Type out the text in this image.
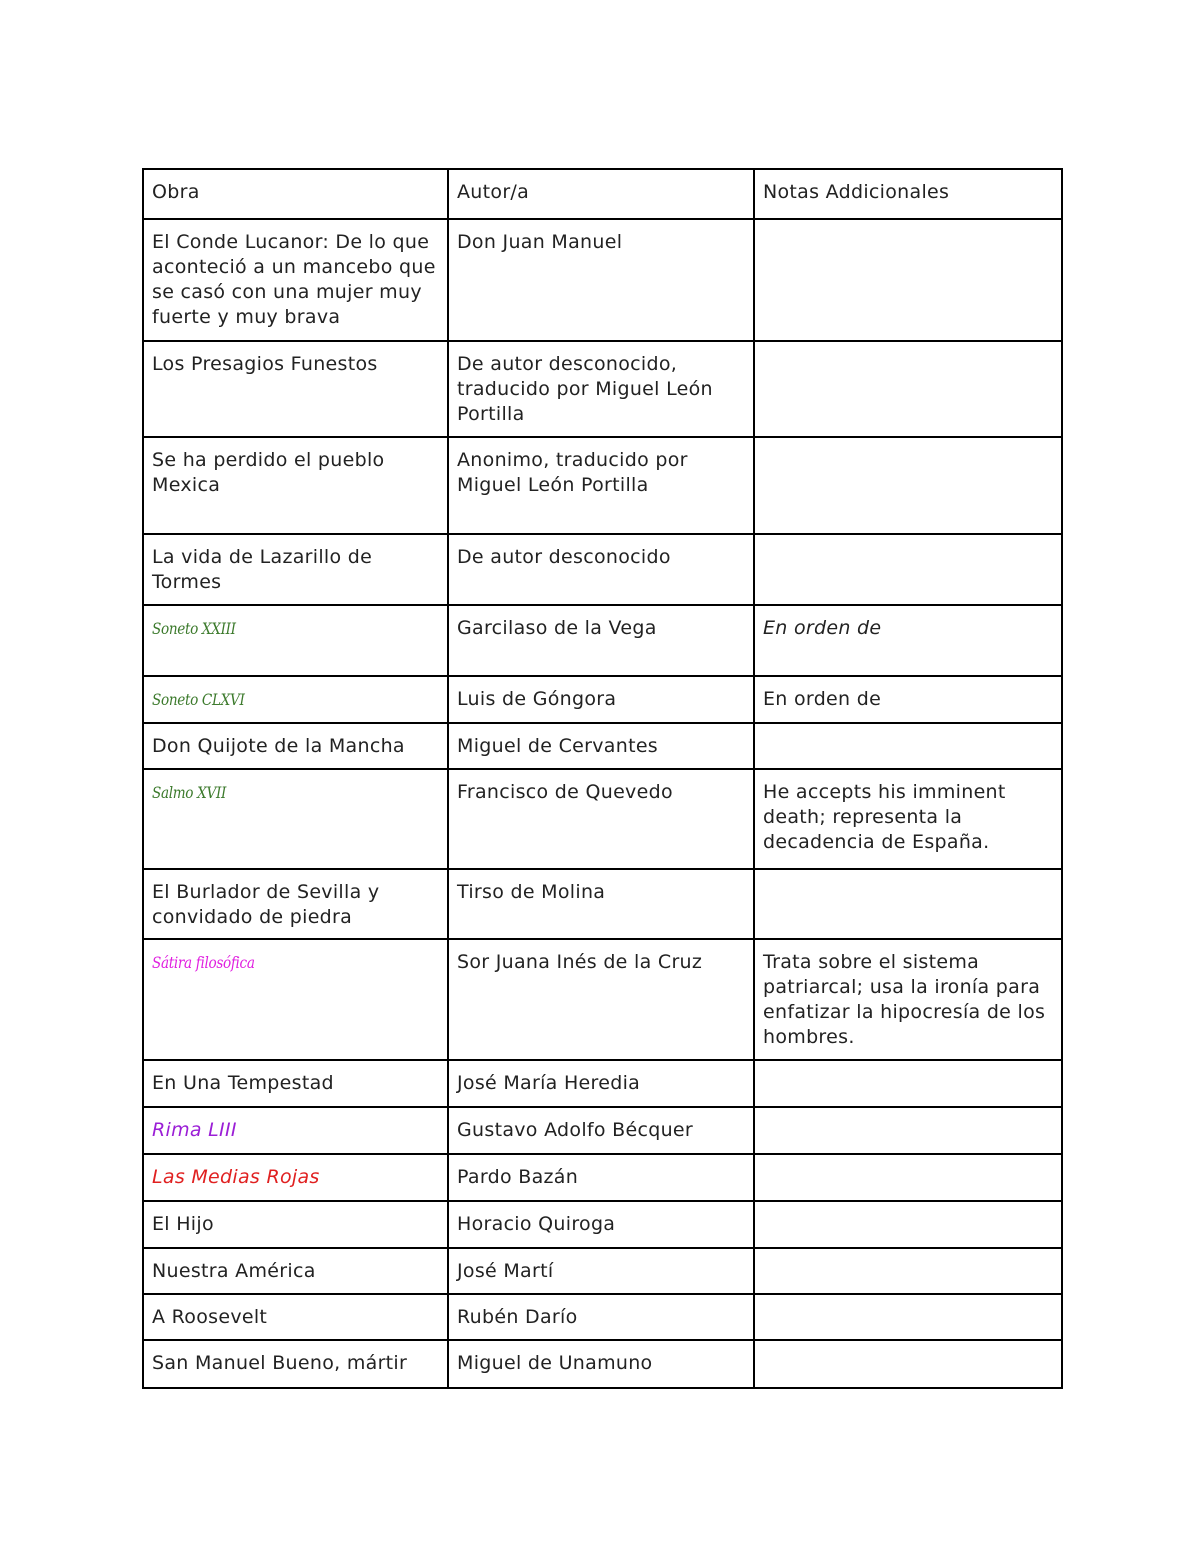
Obra	Autor/a	Notas Addicionales
El Conde Lucanor: De lo que aconteció a un mancebo que se casó con una mujer muy fuerte y muy brava	Don Juan Manuel	
Los Presagios Funestos	De autor desconocido, traducido por Miguel León Portilla	
Se ha perdido el pueblo Mexica	Anonimo, traducido por Miguel León Portilla	
La vida de Lazarillo de Tormes	De autor desconocido	
Soneto XXIII	Garcilaso de la Vega	En orden de
Soneto CLXVI	Luis de Góngora	En orden de
Don Quijote de la Mancha	Miguel de Cervantes	
Salmo XVII	Francisco de Quevedo	He accepts his imminent death; representa la decadencia de España.
El Burlador de Sevilla y convidado de piedra	Tirso de Molina	
Sátira filosófica	Sor Juana Inés de la Cruz	Trata sobre el sistema patriarcal; usa la ironía para enfatizar la hipocresía de los hombres.
En Una Tempestad	José María Heredia	
Rima LIII	Gustavo Adolfo Bécquer	
Las Medias Rojas	Pardo Bazán	
El Hijo	Horacio Quiroga	
Nuestra América	José Martí	
A Roosevelt	Rubén Darío	
San Manuel Bueno, mártir	Miguel de Unamuno	
